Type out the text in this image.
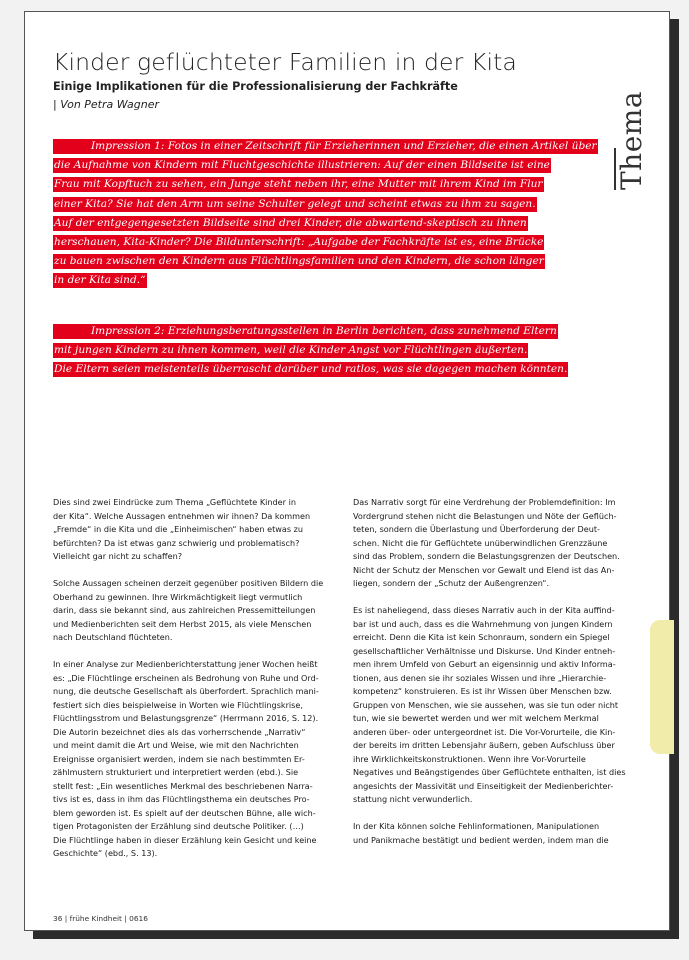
Kinder geflüchteter Familien in der Kita
Einige Implikationen für die Professionalisierung der Fachkräfte
| Von Petra Wagner	Thema
Impression 1: Fotos in einer Zeitschrift für Erzieherinnen und Erzieher, die einen Artikel über
die Aufnahme von Kindern mit Fluchtgeschichte illustrieren: Auf der einen Bildseite ist eine
Frau mit Kopftuch zu sehen, ein Junge steht neben ihr, eine Mutter mit ihrem Kind im Flur
einer Kita? Sie hat den Arm um seine Schulter gelegt und scheint etwas zu ihm zu sagen.
Auf der entgegengesetzten Bildseite sind drei Kinder, die abwartend-skeptisch zu ihnen
herschauen, Kita-Kinder? Die Bildunterschrift: „Aufgabe der Fachkräfte ist es, eine Brücke
zu bauen zwischen den Kindern aus Flüchtlingsfamilien und den Kindern, die schon länger
in der Kita sind.“
Impression 2: Erziehungsberatungsstellen in Berlin berichten, dass zunehmend Eltern
mit jungen Kindern zu ihnen kommen, weil die Kinder Angst vor Flüchtlingen äußerten.
Die Eltern seien meistenteils überrascht darüber und ratlos, was sie dagegen machen könnten.

Dies sind zwei Eindrücke zum Thema „Geflüchtete Kinder in
der Kita“. Welche Aussagen entnehmen wir ihnen? Da kommen
„Fremde“ in die Kita und die „Einheimischen“ haben etwas zu
befürchten? Da ist etwas ganz schwierig und problematisch?
Vielleicht gar nicht zu schaffen?

Solche Aussagen scheinen derzeit gegenüber positiven Bildern die
Oberhand zu gewinnen. Ihre Wirkmächtigkeit liegt vermutlich
darin, dass sie bekannt sind, aus zahlreichen Pressemitteilungen
und Medienberichten seit dem Herbst 2015, als viele Menschen
nach Deutschland flüchteten.

In einer Analyse zur Medienberichterstattung jener Wochen heißt
es: „Die Flüchtlinge erscheinen als Bedrohung von Ruhe und Ord-
nung, die deutsche Gesellschaft als überfordert. Sprachlich mani-
festiert sich dies beispielweise in Worten wie Flüchtlingskrise,
Flüchtlingsstrom und Belastungsgrenze“ (Herrmann 2016, S. 12).
Die Autorin bezeichnet dies als das vorherrschende „Narrativ“
und meint damit die Art und Weise, wie mit den Nachrichten
Ereignisse organisiert werden, indem sie nach bestimmten Er-
zählmustern strukturiert und interpretiert werden (ebd.). Sie
stellt fest: „Ein wesentliches Merkmal des beschriebenen Narra-
tivs ist es, dass in ihm das Flüchtlingsthema ein deutsches Pro-
blem geworden ist. Es spielt auf der deutschen Bühne, alle wich-
tigen Protagonisten der Erzählung sind deutsche Politiker. (…)
Die Flüchtlinge haben in dieser Erzählung kein Gesicht und keine
Geschichte“ (ebd., S. 13).

Das Narrativ sorgt für eine Verdrehung der Problemdefinition: Im
Vordergrund stehen nicht die Belastungen und Nöte der Geflüch-
teten, sondern die Überlastung und Überforderung der Deut-
schen. Nicht die für Geflüchtete unüberwindlichen Grenzzäune
sind das Problem, sondern die Belastungsgrenzen der Deutschen.
Nicht der Schutz der Menschen vor Gewalt und Elend ist das An-
liegen, sondern der „Schutz der Außengrenzen“.

Es ist naheliegend, dass dieses Narrativ auch in der Kita auffind-
bar ist und auch, dass es die Wahrnehmung von jungen Kindern
erreicht. Denn die Kita ist kein Schonraum, sondern ein Spiegel
gesellschaftlicher Verhältnisse und Diskurse. Und Kinder entneh-
men ihrem Umfeld von Geburt an eigensinnig und aktiv Informa-
tionen, aus denen sie ihr soziales Wissen und ihre „Hierarchie-
kompetenz“ konstruieren. Es ist ihr Wissen über Menschen bzw.
Gruppen von Menschen, wie sie aussehen, was sie tun oder nicht
tun, wie sie bewertet werden und wer mit welchem Merkmal
anderen über- oder untergeordnet ist. Die Vor-Vorurteile, die Kin-
der bereits im dritten Lebensjahr äußern, geben Aufschluss über
ihre Wirklichkeitskonstruktionen. Wenn ihre Vor-Vorurteile
Negatives und Beängstigendes über Geflüchtete enthalten, ist dies
angesichts der Massivität und Einseitigkeit der Medienberichter-
stattung nicht verwunderlich.

In der Kita können solche Fehlinformationen, Manipulationen
und Panikmache bestätigt und bedient werden, indem man die

36 | frühe Kindheit | 0616
